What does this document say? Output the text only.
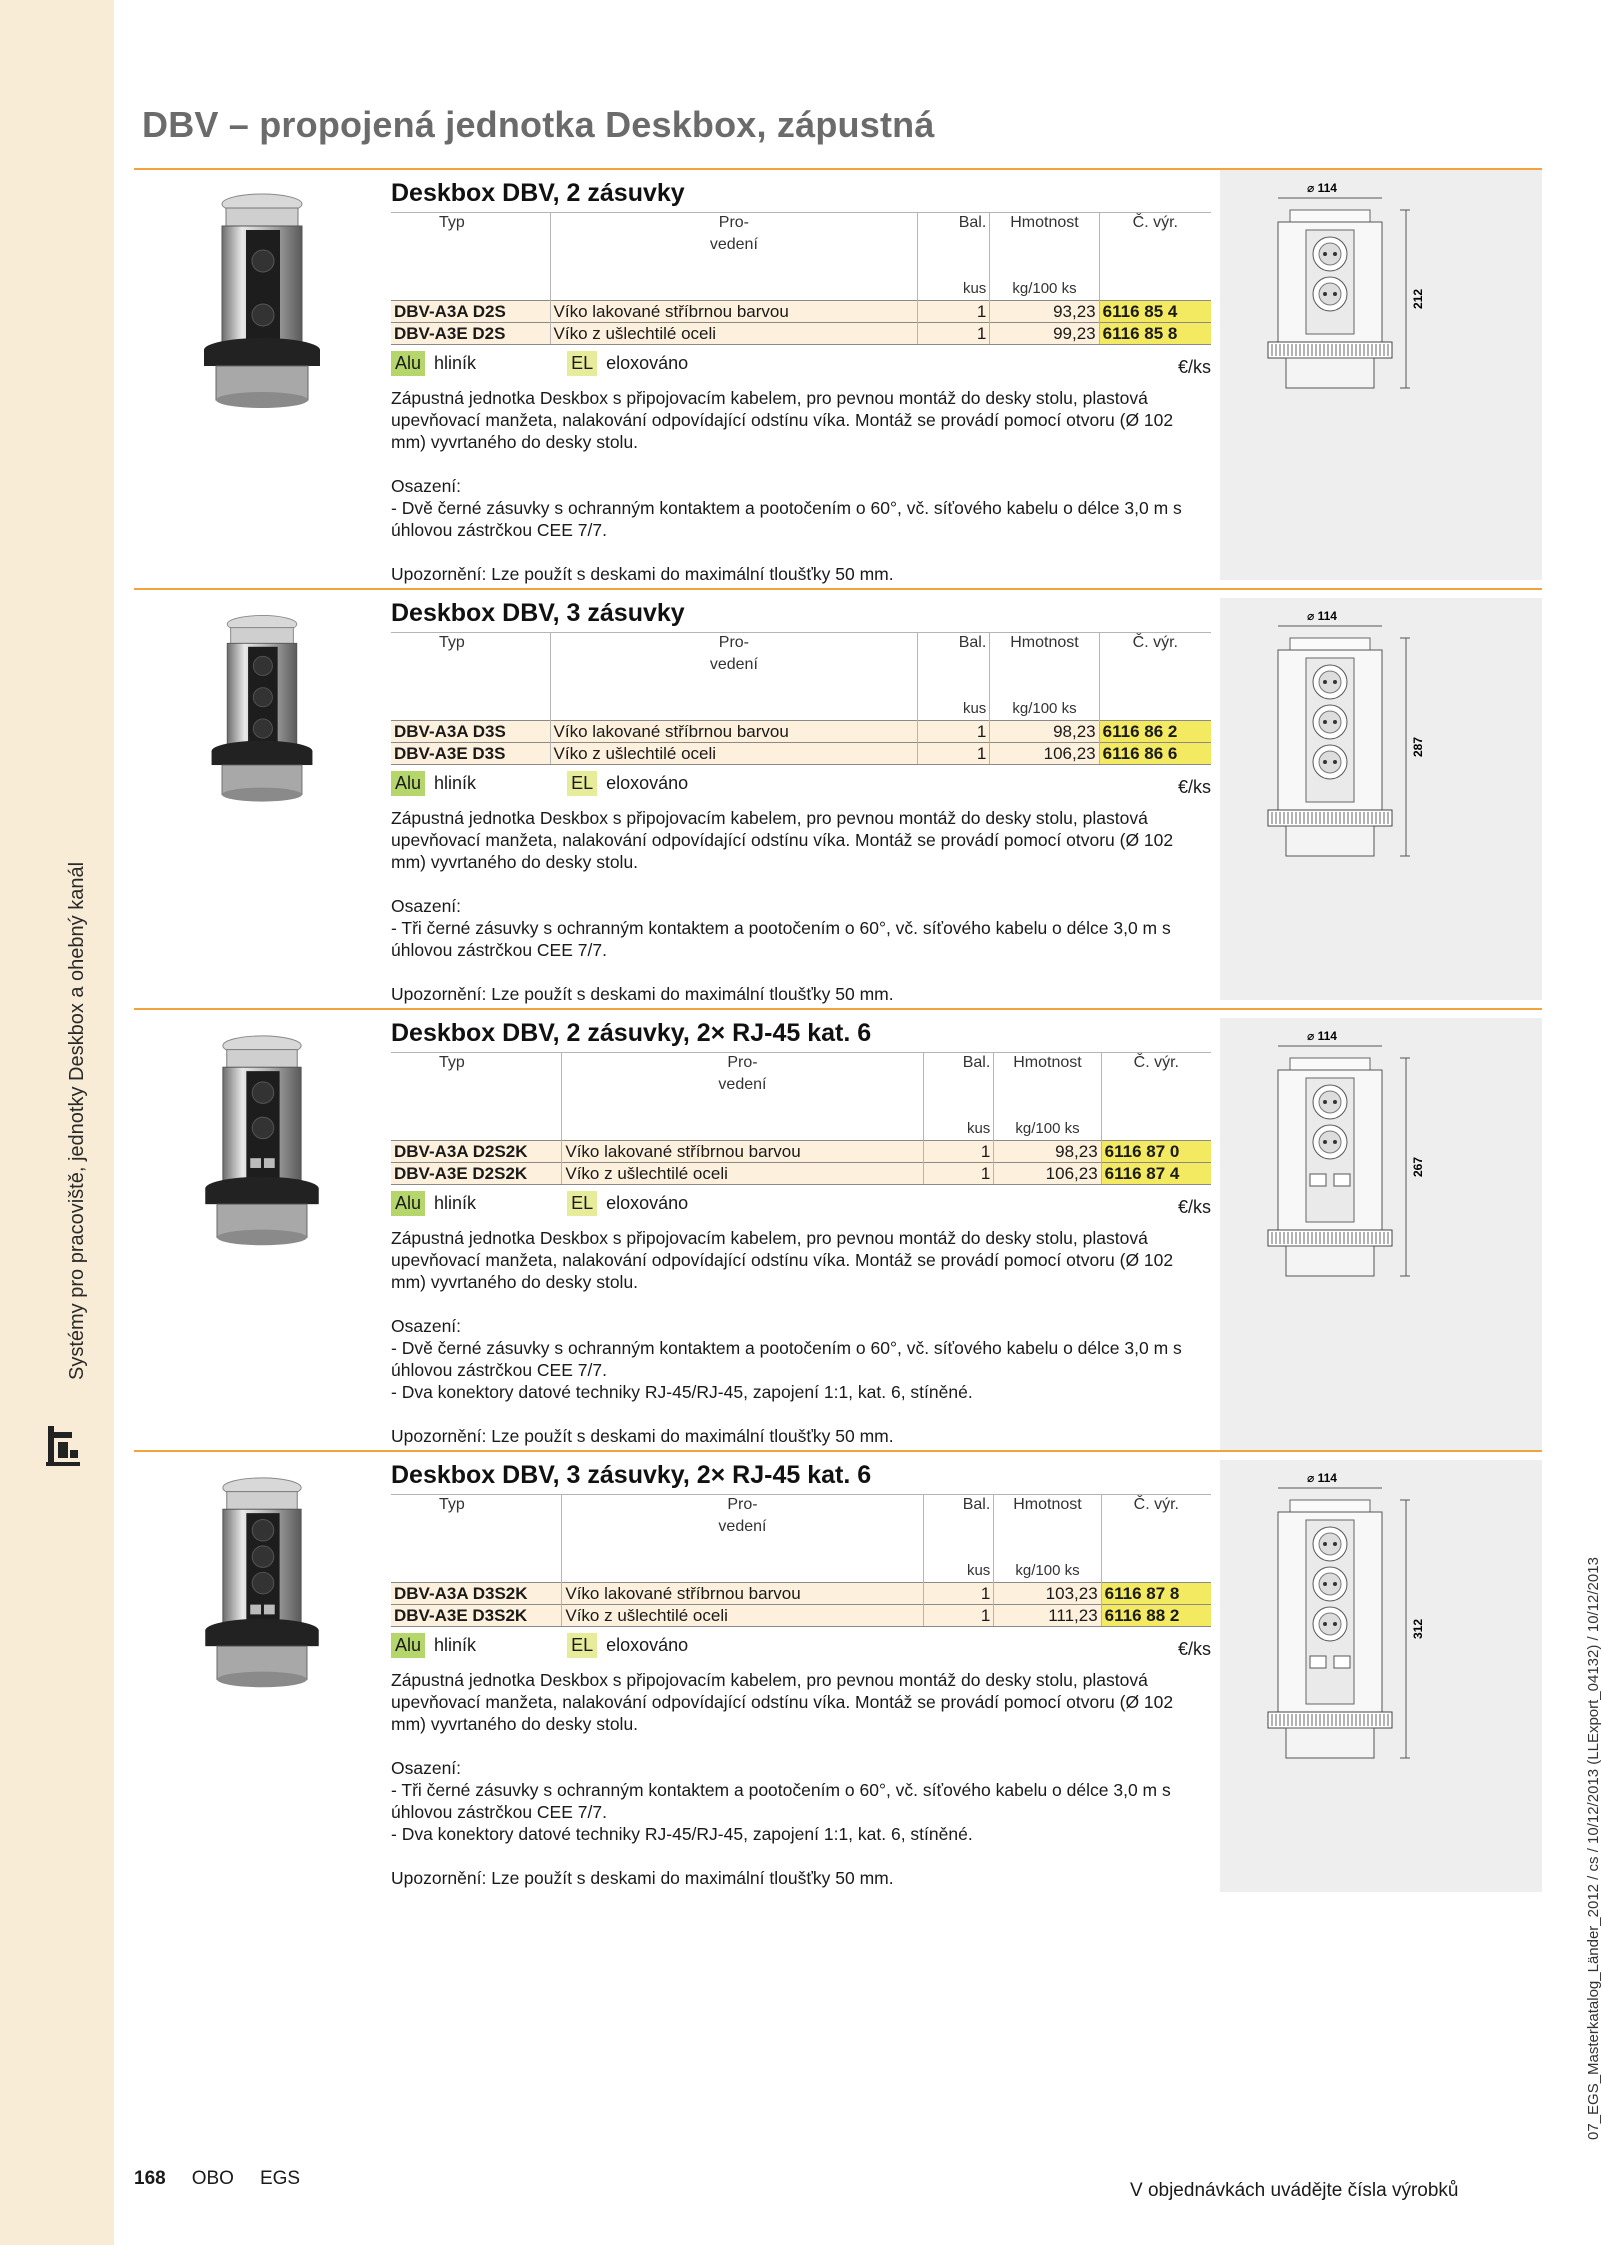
Systémy pro pracoviště, jednotky Deskbox a ohebný kanál
07_EGS_Masterkatalog_Länder_2012 / cs / 10/12/2013 (LLExport_04132) / 10/12/2013
DBV – propojená jednotka Deskbox, zápustná
Deskbox DBV, 2 zásuvky
Typ	Pro-	Bal.	Hmotnost	Č. výr.
	vedení			

		kus	kg/100 ks	
DBV-A3A D2S	Víko lakované stříbrnou barvou	1	93,23	6116 85 4
DBV-A3E D2S	Víko z ušlechtilé oceli	1	99,23	6116 85 8
Alu hliník	EL eloxováno	€/ks

Zápustná jednotka Deskbox s připojovacím kabelem, pro pevnou montáž do desky stolu, plastová upevňovací manžeta, nalakování odpovídající odstínu víka. Montáž se provádí pomocí otvoru (Ø 102 mm) vyvrtaného do desky stolu.

Osazení:

- Dvě černé zásuvky s ochranným kontaktem a pootočením o 60°, vč. síťového kabelu o délce 3,0 m s úhlovou zástrčkou CEE 7/7.

Upozornění: Lze použít s deskami do maximální tloušťky 50 mm.

⌀ 114
212
Deskbox DBV, 3 zásuvky
Typ	Pro-	Bal.	Hmotnost	Č. výr.
	vedení			

		kus	kg/100 ks	
DBV-A3A D3S	Víko lakované stříbrnou barvou	1	98,23	6116 86 2
DBV-A3E D3S	Víko z ušlechtilé oceli	1	106,23	6116 86 6
Alu hliník	EL eloxováno	€/ks

Zápustná jednotka Deskbox s připojovacím kabelem, pro pevnou montáž do desky stolu, plastová upevňovací manžeta, nalakování odpovídající odstínu víka. Montáž se provádí pomocí otvoru (Ø 102 mm) vyvrtaného do desky stolu.

Osazení:

- Tři černé zásuvky s ochranným kontaktem a pootočením o 60°, vč. síťového kabelu o délce 3,0 m s úhlovou zástrčkou CEE 7/7.

Upozornění: Lze použít s deskami do maximální tloušťky 50 mm.

⌀ 114
287
Deskbox DBV, 2 zásuvky, 2× RJ-45 kat. 6
Typ	Pro-	Bal.	Hmotnost	Č. výr.
	vedení			

		kus	kg/100 ks	
DBV-A3A D2S2K	Víko lakované stříbrnou barvou	1	98,23	6116 87 0
DBV-A3E D2S2K	Víko z ušlechtilé oceli	1	106,23	6116 87 4
Alu hliník	EL eloxováno	€/ks

Zápustná jednotka Deskbox s připojovacím kabelem, pro pevnou montáž do desky stolu, plastová upevňovací manžeta, nalakování odpovídající odstínu víka. Montáž se provádí pomocí otvoru (Ø 102 mm) vyvrtaného do desky stolu.

Osazení:

- Dvě černé zásuvky s ochranným kontaktem a pootočením o 60°, vč. síťového kabelu o délce 3,0 m s úhlovou zástrčkou CEE 7/7.
- Dva konektory datové techniky RJ-45/RJ-45, zapojení 1:1, kat. 6, stíněné.

Upozornění: Lze použít s deskami do maximální tloušťky 50 mm.

⌀ 114
267
Deskbox DBV, 3 zásuvky, 2× RJ-45 kat. 6
Typ	Pro-	Bal.	Hmotnost	Č. výr.
	vedení			

		kus	kg/100 ks	
DBV-A3A D3S2K	Víko lakované stříbrnou barvou	1	103,23	6116 87 8
DBV-A3E D3S2K	Víko z ušlechtilé oceli	1	111,23	6116 88 2
Alu hliník	EL eloxováno	€/ks

Zápustná jednotka Deskbox s připojovacím kabelem, pro pevnou montáž do desky stolu, plastová upevňovací manžeta, nalakování odpovídající odstínu víka. Montáž se provádí pomocí otvoru (Ø 102 mm) vyvrtaného do desky stolu.

Osazení:

- Tři černé zásuvky s ochranným kontaktem a pootočením o 60°, vč. síťového kabelu o délce 3,0 m s úhlovou zástrčkou CEE 7/7.
- Dva konektory datové techniky RJ-45/RJ-45, zapojení 1:1, kat. 6, stíněné.

Upozornění: Lze použít s deskami do maximální tloušťky 50 mm.

⌀ 114
312
168 OBO EGS
V objednávkách uvádějte čísla výrobků
